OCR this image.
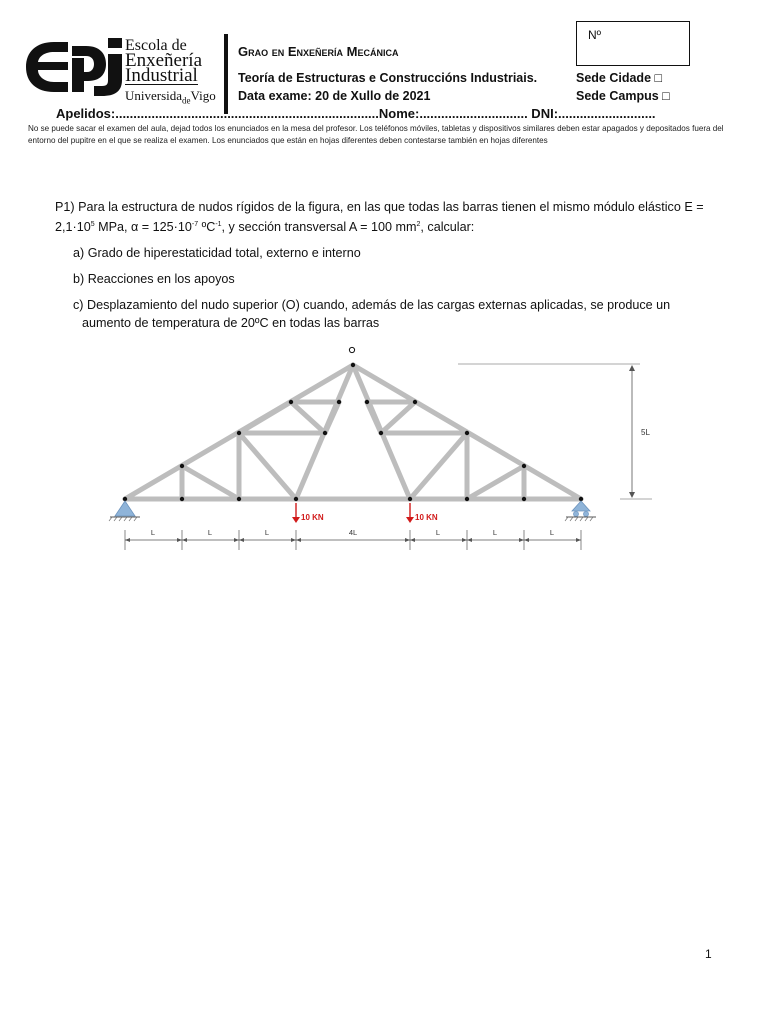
Escola de
Enxeñería
Industrial
Universida$_{de}$Vigo
Grao en Enxeñería Mecánica
Teoría de Estructuras e Construccións Industriais.
Data exame: 20 de Xullo de 2021
Sede Cidade □
Sede Campus □
Nº
Apelidos:.........................................................................Nome:.............................. DNI:...........................
No se puede sacar el examen del aula, dejad todos los enunciados en la mesa del profesor. Los teléfonos móviles, tabletas y dispositivos similares deben estar apagados y depositados fuera del entorno del pupitre en el que se realiza el examen. Los enunciados que están en hojas diferentes deben contestarse también en hojas diferentes

P1) Para la estructura de nudos rígidos de la figura, en las que todas las barras tienen el mismo módulo elástico E =
$2,1\cdot 10^5$ MPa, $\alpha = 125\cdot 10^{-7}$ ºC$^{-1}$, y sección transversal A = 100 $mm^2$, calcular:

a) Grado de hiperestaticidad total, externo e interno

b) Reacciones en los apoyos

c) Desplazamiento del nudo superior (O) cuando, además de las cargas externas aplicadas, se produce un
aumento de temperatura de 20ºC en todas las barras

10 KN	10 KN
5L
L	L	L	4L	L	L	L
1
